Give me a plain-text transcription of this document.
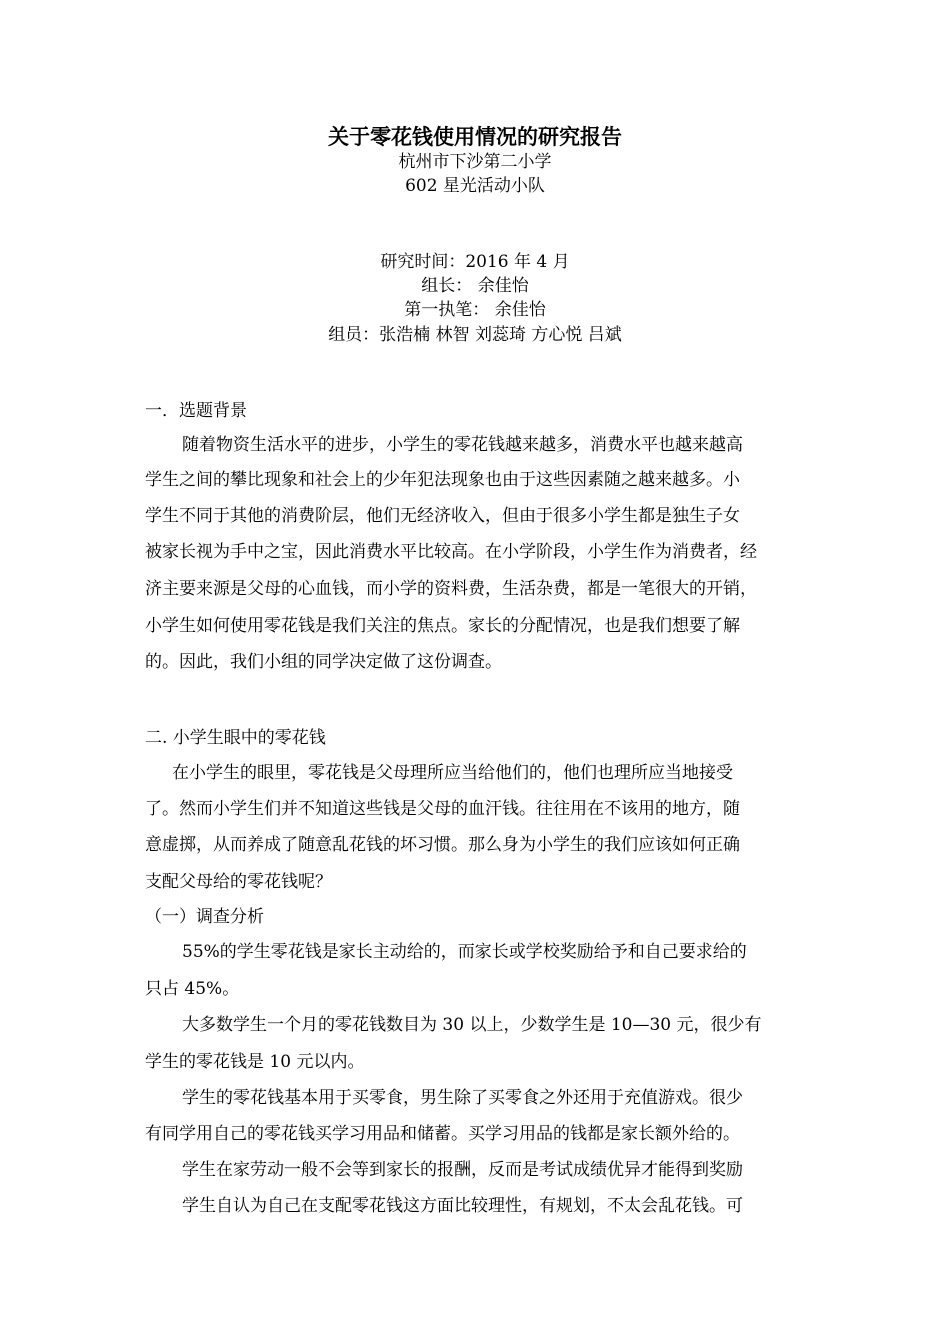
关于零花钱使用情况的研究报告
杭州市下沙第二小学
602 星光活动小队
研究时间：2016 年 4 月
组长： 余佳怡
第一执笔： 余佳怡
组员：张浩楠 林智 刘蕊琦 方心悦 吕斌
一．选题背景
随着物资生活水平的进步，小学生的零花钱越来越多，消费水平也越来越高
学生之间的攀比现象和社会上的少年犯法现象也由于这些因素随之越来越多。小
学生不同于其他的消费阶层，他们无经济收入，但由于很多小学生都是独生子女
被家长视为手中之宝，因此消费水平比较高。在小学阶段，小学生作为消费者，经
济主要来源是父母的心血钱，而小学的资料费，生活杂费，都是一笔很大的开销，
小学生如何使用零花钱是我们关注的焦点。家长的分配情况，也是我们想要了解
的。因此，我们小组的同学决定做了这份调查。
二. 小学生眼中的零花钱
在小学生的眼里，零花钱是父母理所应当给他们的，他们也理所应当地接受
了。然而小学生们并不知道这些钱是父母的血汗钱。往往用在不该用的地方，随
意虚掷，从而养成了随意乱花钱的坏习惯。那么身为小学生的我们应该如何正确
支配父母给的零花钱呢？
（一）调查分析
55%的学生零花钱是家长主动给的，而家长或学校奖励给予和自己要求给的
只占 45%。
大多数学生一个月的零花钱数目为 30 以上，少数学生是 10—30 元，很少有
学生的零花钱是 10 元以内。
学生的零花钱基本用于买零食，男生除了买零食之外还用于充值游戏。很少
有同学用自己的零花钱买学习用品和储蓄。买学习用品的钱都是家长额外给的。
学生在家劳动一般不会等到家长的报酬，反而是考试成绩优异才能得到奖励
学生自认为自己在支配零花钱这方面比较理性，有规划，不太会乱花钱。可
